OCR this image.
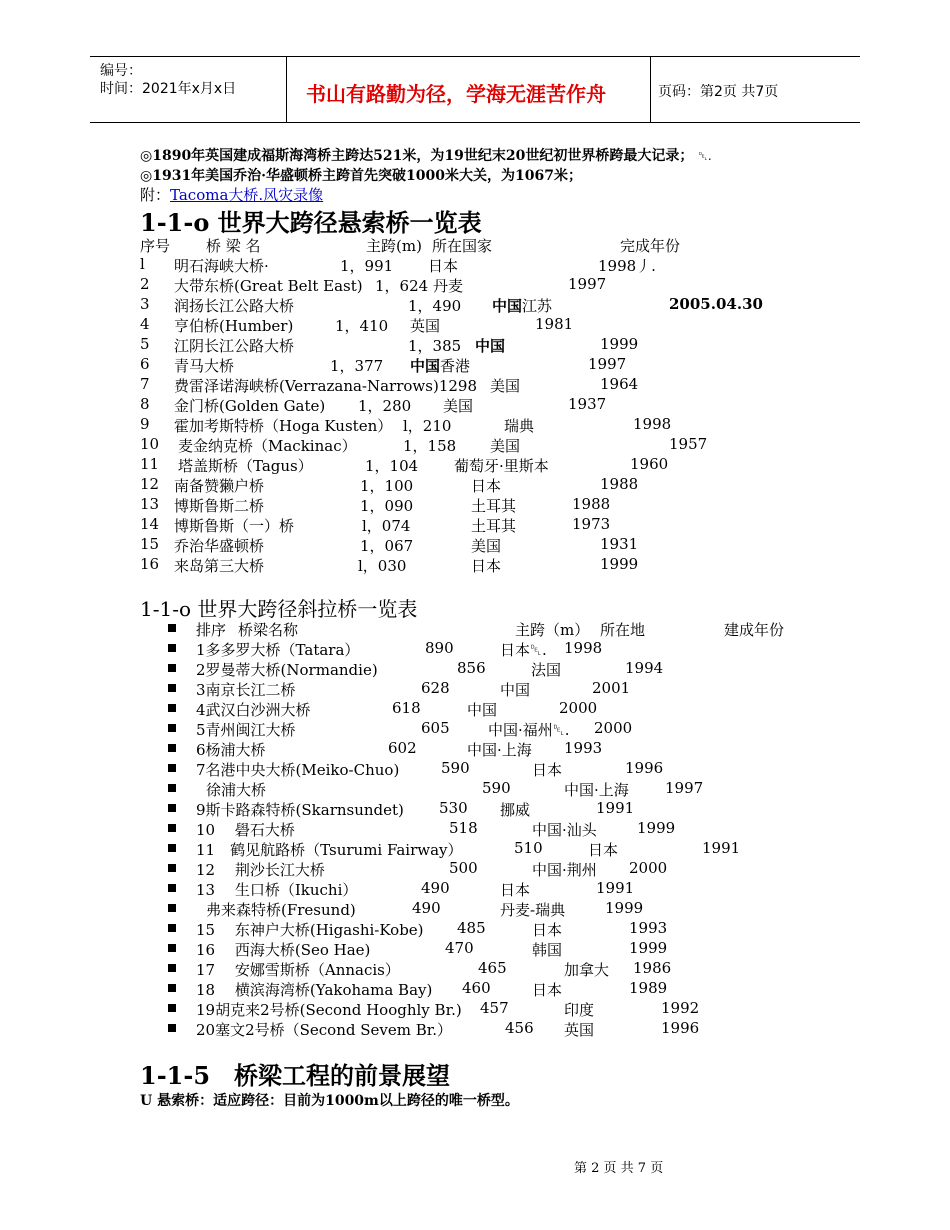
编号：
时间：2021年x月x日	书山有路勤为径，学海无涯苦作舟	页码：第2页 共7页
◎1890年英国建成福斯海湾桥主跨达521米，为19世纪末20世纪初世界桥跨最大记录； ␡.
◎1931年美国乔治·华盛顿桥主跨首先突破1000米大关，为1067米；
附：Tacoma大桥.风灾录像
1-1-o 世界大跨径悬索桥一览表
序号 桥 梁 名	主跨(m) 所在国家	完成年份
l 明石海峡大桥·	1，991 日本	1998丿.
2 大带东桥(Great Belt East) 1，624 丹麦	1997
3 润扬长江公路大桥	1，490 中国江苏	2005.04.30
4 亨伯桥(Humber)	1，410 英国	1981
5 江阴长江公路大桥	1，385 中国	1999
6 青马大桥	1，377 中国香港	1997
7 费雷泽诺海峡桥(Verrazana-Narrows)1298 美国	1964
8 金门桥(Golden Gate) 1，280 美国	1937
9 霍加考斯特桥（Hoga Kusten） l，210	瑞典	1998
10 麦金纳克桥（Mackinac）	1，158 美国	1957
11 塔盖斯桥（Tagus）	1，104 葡萄牙·里斯本	1960
12 南备赞獭户桥	1，100	日本	1988
13 博斯鲁斯二桥	1，090	土耳其	1988
14 博斯鲁斯（一）桥	l，074	土耳其	1973
15 乔治华盛顿桥	1，067	美国	1931
16 来岛第三大桥	l，030	日本	1999
1-1-o 世界大跨径斜拉桥一览表
排序 桥梁名称	主跨（m） 所在地	建成年份
1多多罗大桥（Tatara）	890	日本␡. 1998
2罗曼蒂大桥(Normandie)	856	法国	1994
3南京长江二桥	628	中国	2001
4武汉白沙洲大桥	618	中国	2000
5青州闽江大桥	605	中国·福州␡. 2000
6杨浦大桥	602	中国·上海 1993
7名港中央大桥(Meiko-Chuo)	590	日本	1996
徐浦大桥	590	中国·上海 1997
9斯卡路森特桥(Skarnsundet) 530 挪威	1991
10　 礐石大桥	518	中国·汕头	1999
11　鹤见航路桥（Tsurumi Fairway）	510	日本	1991
12　 荆沙长江大桥	500	中国·荆州 2000
13　 生口桥（Ikuchi）	490	日本	1991
弗来森特桥(Fresund)	490	丹麦-瑞典	1999
15　 东神户大桥(Higashi-Kobe) 485	日本	1993
16　 西海大桥(Seo Hae)	470	韩国	1999
17　 安娜雪斯桥（Annacis）	465	加拿大 1986
18　 横滨海湾桥(Yakohama Bay) 460	日本	1989
19胡克来2号桥(Second Hooghly Br.) 457	印度	1992
20塞文2号桥（Second Sevem Br.）	456 英国	1996
1-1-5　桥梁工程的前景展望
U 悬索桥：适应跨径：目前为1000m以上跨径的唯一桥型。
第 2 页 共 7 页
